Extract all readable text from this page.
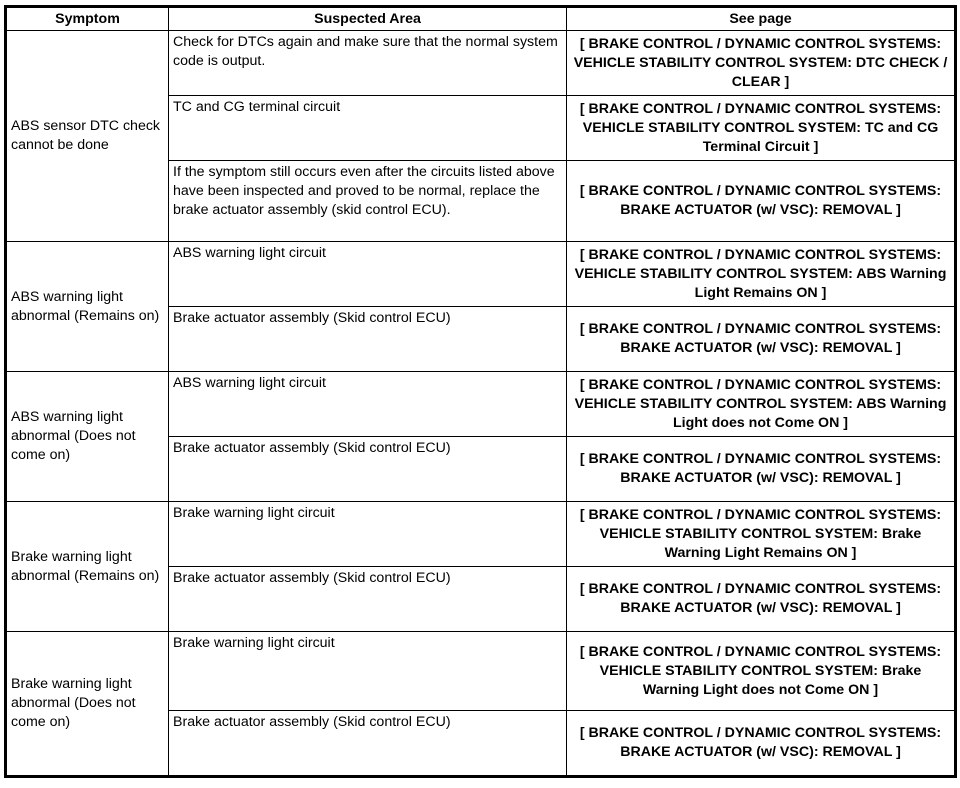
Symptom	Suspected Area	See page
ABS sensor DTC check cannot be done	Check for DTCs again and make sure that the normal system code is output.	[ BRAKE CONTROL / DYNAMIC CONTROL SYSTEMS: VEHICLE STABILITY CONTROL SYSTEM: DTC CHECK / CLEAR ]
	TC and CG terminal circuit	[ BRAKE CONTROL / DYNAMIC CONTROL SYSTEMS: VEHICLE STABILITY CONTROL SYSTEM: TC and CG Terminal Circuit ]
	If the symptom still occurs even after the circuits listed above have been inspected and proved to be normal, replace the brake actuator assembly (skid control ECU).	[ BRAKE CONTROL / DYNAMIC CONTROL SYSTEMS: BRAKE ACTUATOR (w/ VSC): REMOVAL ]
ABS warning light abnormal (Remains on)	ABS warning light circuit	[ BRAKE CONTROL / DYNAMIC CONTROL SYSTEMS: VEHICLE STABILITY CONTROL SYSTEM: ABS Warning Light Remains ON ]
	Brake actuator assembly (Skid control ECU)	[ BRAKE CONTROL / DYNAMIC CONTROL SYSTEMS: BRAKE ACTUATOR (w/ VSC): REMOVAL ]
ABS warning light abnormal (Does not come on)	ABS warning light circuit	[ BRAKE CONTROL / DYNAMIC CONTROL SYSTEMS: VEHICLE STABILITY CONTROL SYSTEM: ABS Warning Light does not Come ON ]
	Brake actuator assembly (Skid control ECU)	[ BRAKE CONTROL / DYNAMIC CONTROL SYSTEMS: BRAKE ACTUATOR (w/ VSC): REMOVAL ]
Brake warning light abnormal (Remains on)	Brake warning light circuit	[ BRAKE CONTROL / DYNAMIC CONTROL SYSTEMS: VEHICLE STABILITY CONTROL SYSTEM: Brake Warning Light Remains ON ]
	Brake actuator assembly (Skid control ECU)	[ BRAKE CONTROL / DYNAMIC CONTROL SYSTEMS: BRAKE ACTUATOR (w/ VSC): REMOVAL ]
Brake warning light abnormal (Does not come on)	Brake warning light circuit	[ BRAKE CONTROL / DYNAMIC CONTROL SYSTEMS: VEHICLE STABILITY CONTROL SYSTEM: Brake Warning Light does not Come ON ]
	Brake actuator assembly (Skid control ECU)	[ BRAKE CONTROL / DYNAMIC CONTROL SYSTEMS: BRAKE ACTUATOR (w/ VSC): REMOVAL ]
